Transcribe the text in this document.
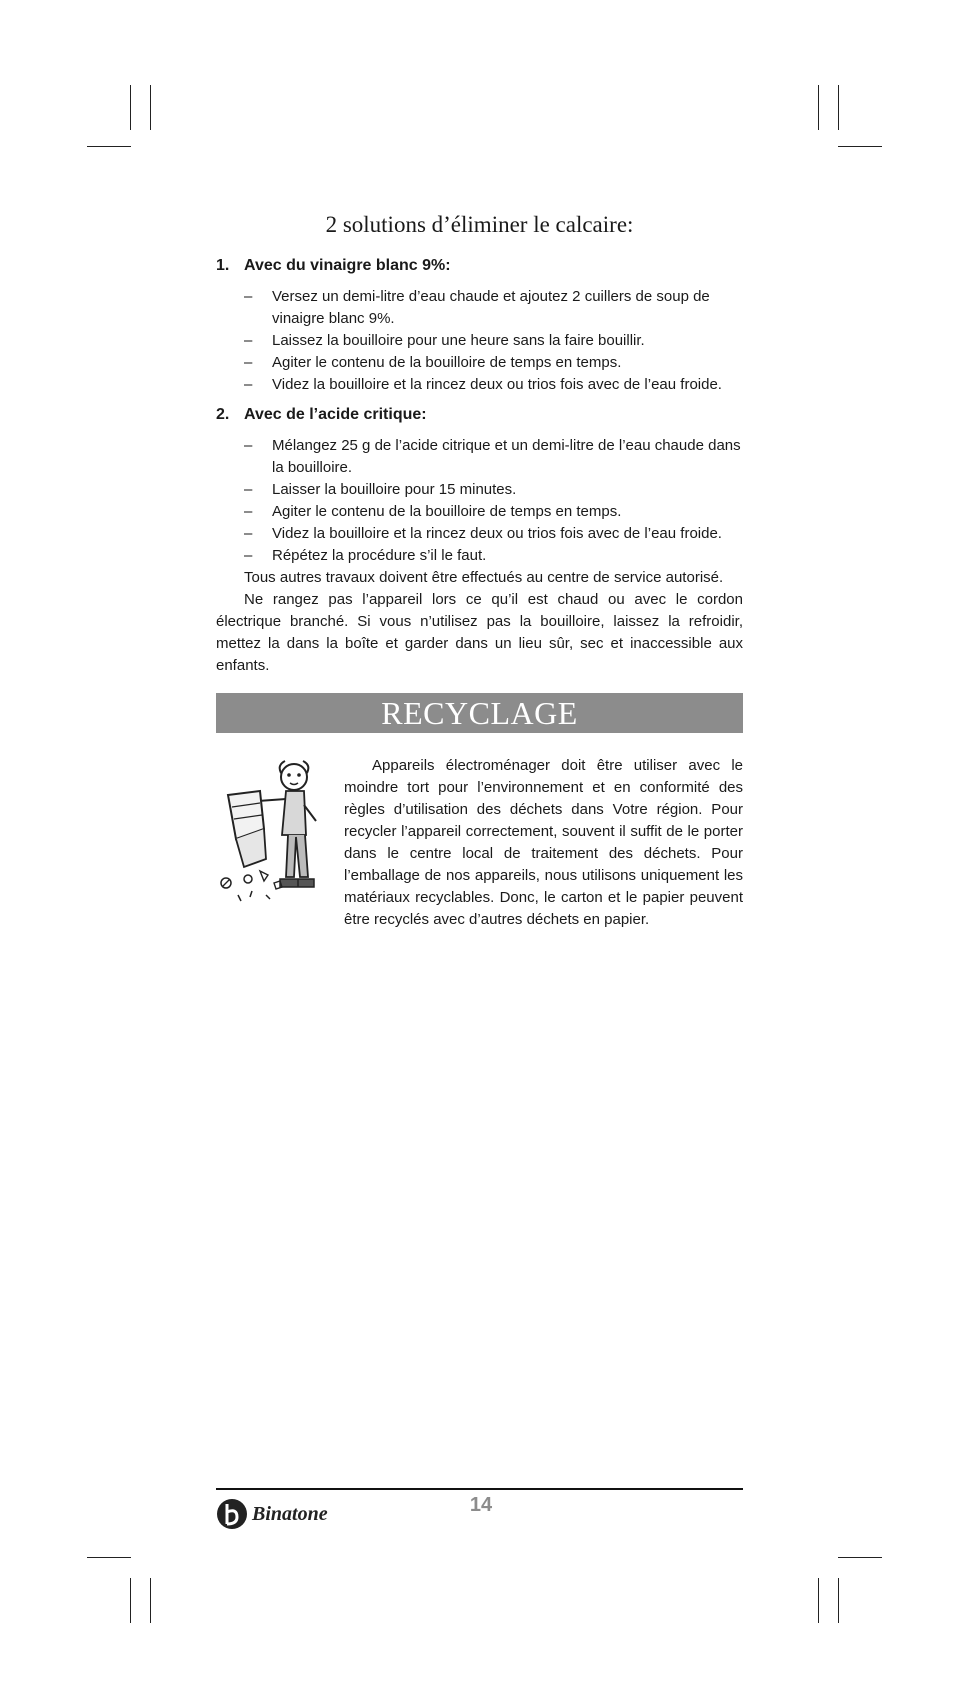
2 solutions d’éliminer le calcaire:
1. Avec du vinaigre blanc 9%:
– Versez un demi-litre d’eau chaude et ajoutez 2 cuillers de soup de vinaigre blanc 9%.
– Laissez la bouilloire pour une heure sans la faire bouillir.
– Agiter le contenu de la bouilloire de temps en temps.
– Videz la bouilloire et la rincez deux ou trios fois avec de l’eau froide.
2. Avec de l’acide critique:
– Mélangez 25 g de l’acide citrique et un demi-litre de l’eau chaude dans la bouilloire.
– Laisser la bouilloire pour 15 minutes.
– Agiter le contenu de la bouilloire de temps en temps.
– Videz la bouilloire et la rincez deux ou trios fois avec de l’eau froide.
– Répétez la procédure s’il le faut.

Tous autres travaux doivent être effectués au centre de service autorisé.

Ne rangez pas l’appareil lors ce qu’il est chaud ou avec le cordon électrique branché. Si vous n’utilisez pas la bouilloire, laissez la refroidir, mettez la dans la boîte et garder dans un lieu sûr, sec et inaccessible aux enfants.

RECYCLAGE

Appareils électroménager doit être utiliser avec le moindre tort pour l’environnement et en conformité des règles d’utilisation des déchets dans Votre région. Pour recycler l’appareil correctement, souvent il suffit de le porter dans le centre local de traitement des déchets. Pour l’emballage de nos appareils, nous utilisons uniquement les matériaux recyclables. Donc, le carton et le papier peuvent être recyclés avec d’autres déchets en papier.

Binatone	14
